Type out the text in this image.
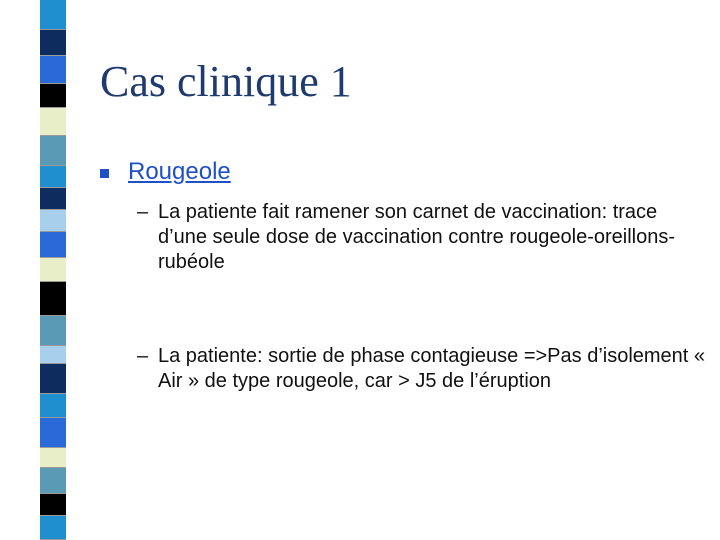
Cas clinique 1
Rougeole
– La patiente fait ramener son carnet de vaccination: trace d’une seule dose de vaccination contre rougeole-oreillons-rubéole
– La patiente: sortie de phase contagieuse =>Pas d’isolement « Air » de type rougeole, car > J5 de l’éruption
